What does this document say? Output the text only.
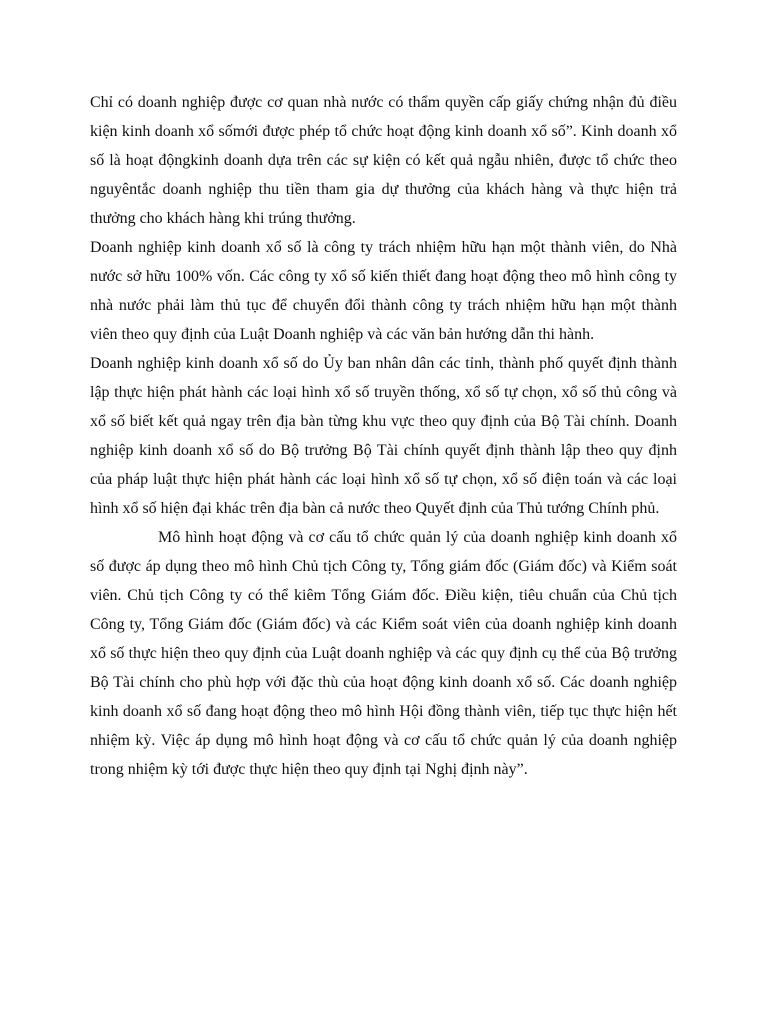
Chỉ có doanh nghiệp được cơ quan nhà nước có thẩm quyền cấp giấy chứng nhận đủ điều kiện kinh doanh xổ sốmới được phép tổ chức hoạt động kinh doanh xổ số”. Kinh doanh xổ số là hoạt độngkinh doanh dựa trên các sự kiện có kết quả ngẫu nhiên, được tổ chức theo nguyêntắc doanh nghiệp thu tiền tham gia dự thưởng của khách hàng và thực hiện trả thưởng cho khách hàng khi trúng thưởng.

Doanh nghiệp kinh doanh xổ số là công ty trách nhiệm hữu hạn một thành viên, do Nhà nước sở hữu 100% vốn. Các công ty xổ số kiến thiết đang hoạt động theo mô hình công ty nhà nước phải làm thủ tục để chuyển đổi thành công ty trách nhiệm hữu hạn một thành viên theo quy định của Luật Doanh nghiệp và các văn bản hướng dẫn thi hành.

Doanh nghiệp kinh doanh xổ số do Ủy ban nhân dân các tỉnh, thành phố quyết định thành lập thực hiện phát hành các loại hình xổ số truyền thống, xổ số tự chọn, xổ số thủ công và xổ số biết kết quả ngay trên địa bàn từng khu vực theo quy định của Bộ Tài chính. Doanh nghiệp kinh doanh xổ số do Bộ trưởng Bộ Tài chính quyết định thành lập theo quy định của pháp luật thực hiện phát hành các loại hình xổ số tự chọn, xổ số điện toán và các loại hình xổ số hiện đại khác trên địa bàn cả nước theo Quyết định của Thủ tướng Chính phủ.

Mô hình hoạt động và cơ cấu tổ chức quản lý của doanh nghiệp kinh doanh xổ số được áp dụng theo mô hình Chủ tịch Công ty, Tổng giám đốc (Giám đốc) và Kiểm soát viên. Chủ tịch Công ty có thể kiêm Tổng Giám đốc. Điều kiện, tiêu chuẩn của Chủ tịch Công ty, Tổng Giám đốc (Giám đốc) và các Kiểm soát viên của doanh nghiệp kinh doanh xổ số thực hiện theo quy định của Luật doanh nghiệp và các quy định cụ thể của Bộ trưởng Bộ Tài chính cho phù hợp với đặc thù của hoạt động kinh doanh xổ số. Các doanh nghiệp kinh doanh xổ số đang hoạt động theo mô hình Hội đồng thành viên, tiếp tục thực hiện hết nhiệm kỳ. Việc áp dụng mô hình hoạt động và cơ cấu tổ chức quản lý của doanh nghiệp trong nhiệm kỳ tới được thực hiện theo quy định tại Nghị định này”.
